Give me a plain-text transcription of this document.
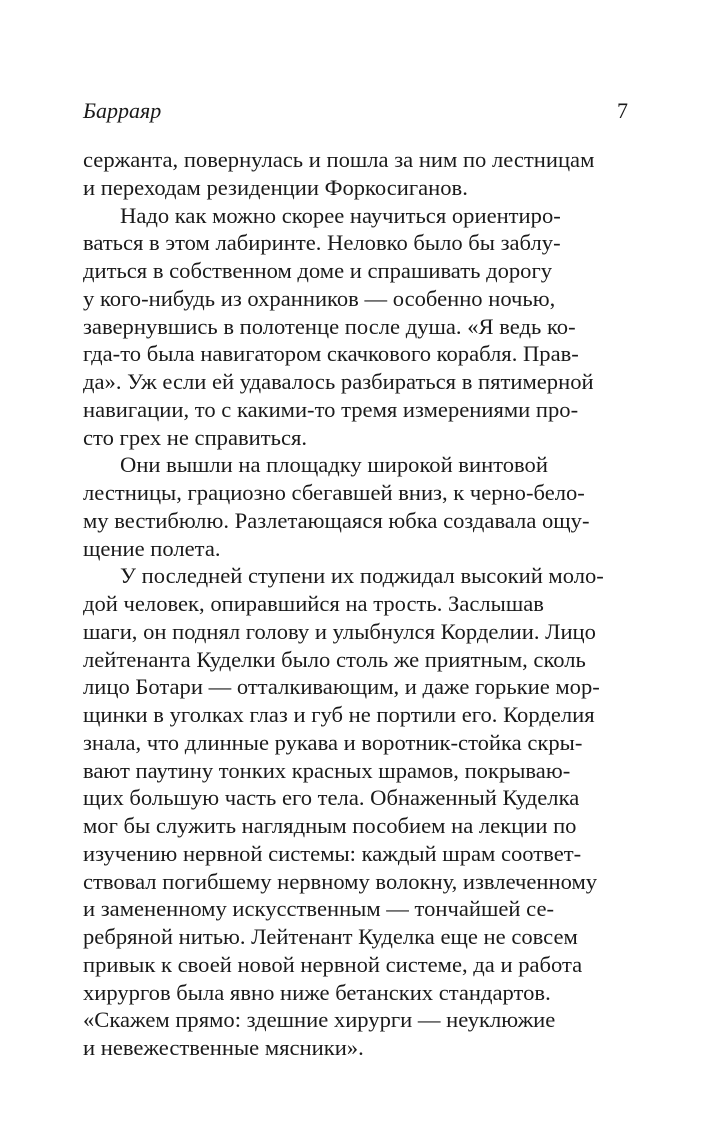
Барраяр	7
сержанта, повернулась и пошла за ним по лестницам
и переходам резиденции Форкосиганов.
Надо как можно скорее научиться ориентиро-
ваться в этом лабиринте. Неловко было бы заблу-
диться в собственном доме и спрашивать дорогу
у кого-нибудь из охранников — особенно ночью,
завернувшись в полотенце после душа. «Я ведь ко-
гда-то была навигатором скачкового корабля. Прав-
да». Уж если ей удавалось разбираться в пятимерной
навигации, то с какими-то тремя измерениями про-
сто грех не справиться.
Они вышли на площадку широкой винтовой
лестницы, грациозно сбегавшей вниз, к черно-бело-
му вестибюлю. Разлетающаяся юбка создавала ощу-
щение полета.
У последней ступени их поджидал высокий моло-
дой человек, опиравшийся на трость. Заслышав
шаги, он поднял голову и улыбнулся Корделии. Лицо
лейтенанта Куделки было столь же приятным, сколь
лицо Ботари — отталкивающим, и даже горькие мор-
щинки в уголках глаз и губ не портили его. Корделия
знала, что длинные рукава и воротник-стойка скры-
вают паутину тонких красных шрамов, покрываю-
щих большую часть его тела. Обнаженный Куделка
мог бы служить наглядным пособием на лекции по
изучению нервной системы: каждый шрам соответ-
ствовал погибшему нервному волокну, извлеченному
и замененному искусственным — тончайшей се-
ребряной нитью. Лейтенант Куделка еще не совсем
привык к своей новой нервной системе, да и работа
хирургов была явно ниже бетанских стандартов.
«Скажем прямо: здешние хирурги — неуклюжие
и невежественные мясники».
